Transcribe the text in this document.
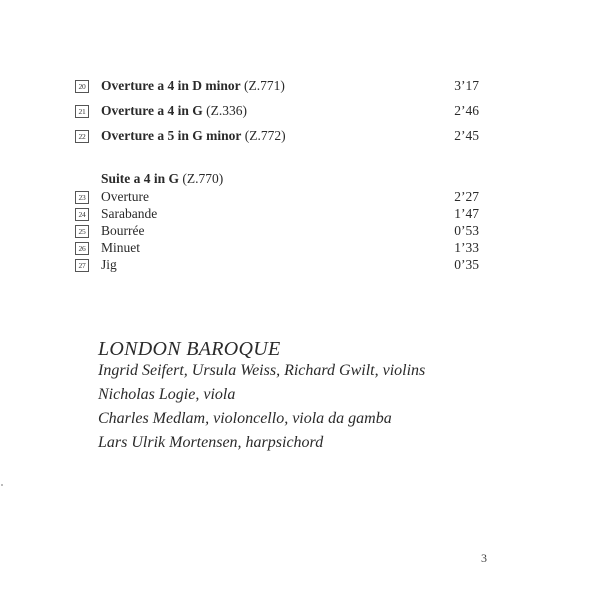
20 Overture a 4 in D minor (Z.771)	3’17
21 Overture a 4 in G (Z.336)	2’46
22 Overture a 5 in G minor (Z.772)	2’45
Suite a 4 in G (Z.770)
23 Overture	2’27
24 Sarabande	1’47
25 Bourrée	0’53
26 Minuet	1’33
27 Jig	0’35
LONDON BAROQUE
Ingrid Seifert, Ursula Weiss, Richard Gwilt, violins
Nicholas Logie, viola
Charles Medlam, violoncello, viola da gamba
Lars Ulrik Mortensen, harpsichord
3
